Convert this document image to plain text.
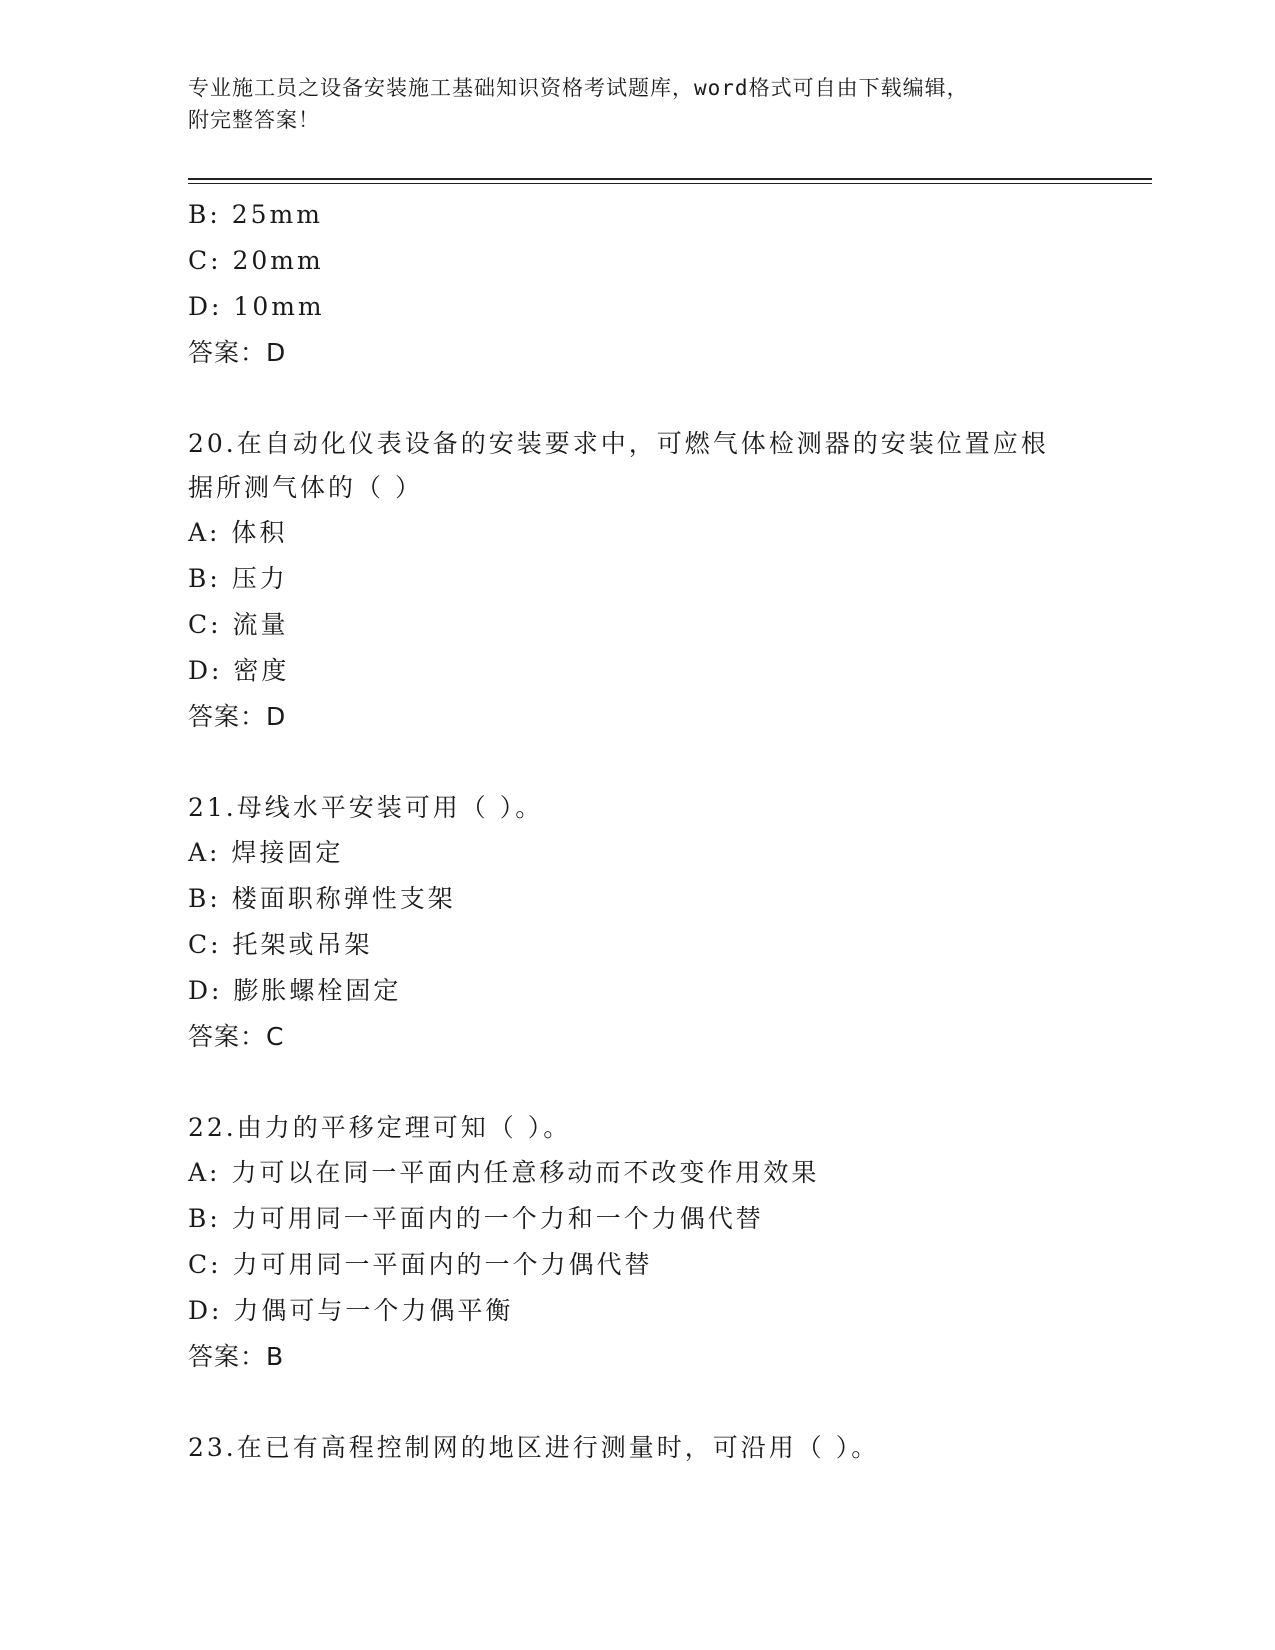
专业施工员之设备安装施工基础知识资格考试题库，word格式可自由下载编辑，
附完整答案！
B: 25mm
C: 20mm
D: 10mm
答案：D
20.在自动化仪表设备的安装要求中，可燃气体检测器的安装位置应根据所测气体的（ ）
A: 体积
B: 压力
C: 流量
D: 密度
答案：D
21.母线水平安装可用（ ）。
A: 焊接固定
B: 楼面职称弹性支架
C: 托架或吊架
D: 膨胀螺栓固定
答案：C
22.由力的平移定理可知（ ）。
A: 力可以在同一平面内任意移动而不改变作用效果
B: 力可用同一平面内的一个力和一个力偶代替
C: 力可用同一平面内的一个力偶代替
D: 力偶可与一个力偶平衡
答案：B
23.在已有高程控制网的地区进行测量时，可沿用（ ）。
